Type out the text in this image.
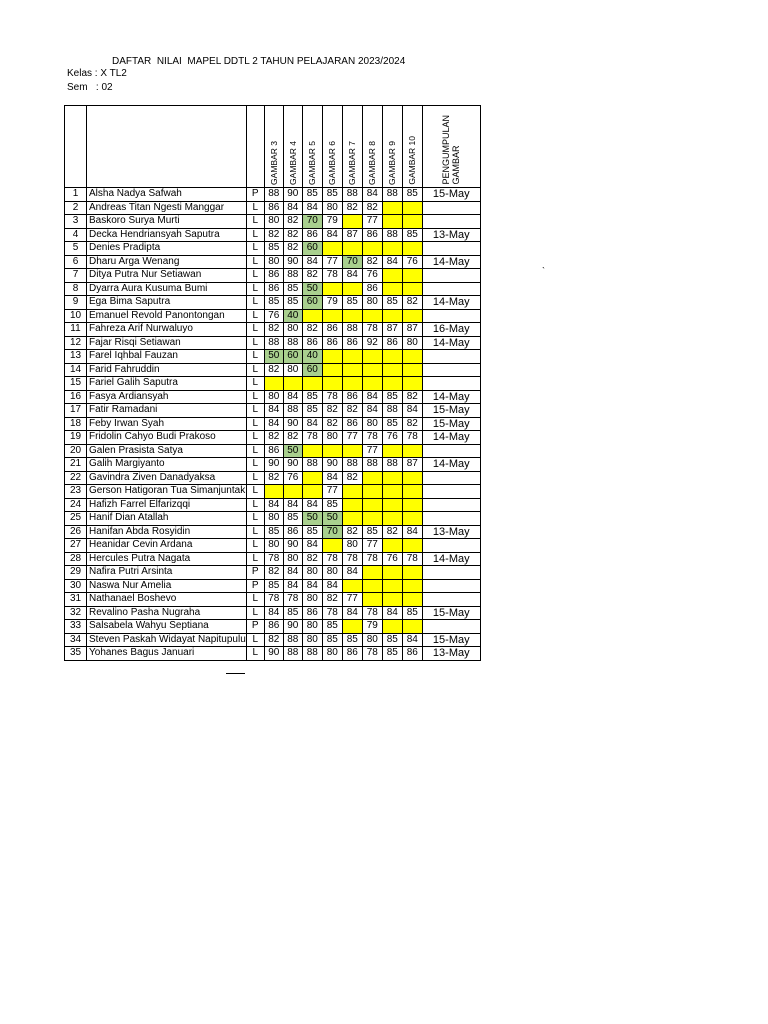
DAFTAR  NILAI  MAPEL DDTL 2 TAHUN PELAJARAN 2023/2024
Kelas : X TL2
Sem   : 02
`

			GAMBAR 3	GAMBAR 4	GAMBAR 5	GAMBAR 6	GAMBAR 7	GAMBAR 8	GAMBAR 9	GAMBAR 10	PENGUMPULAN
GAMBAR

1	Alsha Nadya Safwah	P	88	90	85	85	88	84	88	85	15-May
2	Andreas Titan Ngesti Manggar	L	86	84	84	80	82	82			
3	Baskoro Surya Murti	L	80	82	70	79		77			
4	Decka Hendriansyah Saputra	L	82	82	86	84	87	86	88	85	13-May
5	Denies Pradipta	L	85	82	60						
6	Dharu Arga Wenang	L	80	90	84	77	70	82	84	76	14-May
7	Ditya Putra Nur Setiawan	L	86	88	82	78	84	76			
8	Dyarra Aura Kusuma Bumi	L	86	85	50			86			
9	Ega Bima Saputra	L	85	85	60	79	85	80	85	82	14-May
10	Emanuel Revold Panontongan	L	76	40							
11	Fahreza Arif Nurwaluyo	L	82	80	82	86	88	78	87	87	16-May
12	Fajar Risqi Setiawan	L	88	88	86	86	86	92	86	80	14-May
13	Farel Iqhbal Fauzan	L	50	60	40						
14	Farid Fahruddin	L	82	80	60						
15	Fariel Galih Saputra	L									
16	Fasya Ardiansyah	L	80	84	85	78	86	84	85	82	14-May
17	Fatir Ramadani	L	84	88	85	82	82	84	88	84	15-May
18	Feby Irwan Syah	L	84	90	84	82	86	80	85	82	15-May
19	Fridolin Cahyo Budi Prakoso	L	82	82	78	80	77	78	76	78	14-May
20	Galen Prasista Satya	L	86	50				77			
21	Galih Margiyanto	L	90	90	88	90	88	88	88	87	14-May
22	Gavindra Ziven Danadyaksa	L	82	76		84	82				
23	Gerson Hatigoran Tua Simanjuntak	L				77					
24	Hafizh Farrel Elfarizqqi	L	84	84	84	85					
25	Hanif Dian Atallah	L	80	85	50	50					
26	Hanifan Abda Rosyidin	L	85	86	85	70	82	85	82	84	13-May
27	Heanidar Cevin Ardana	L	80	90	84		80	77			
28	Hercules Putra Nagata	L	78	80	82	78	78	78	76	78	14-May
29	Nafira Putri Arsinta	P	82	84	80	80	84				
30	Naswa Nur Amelia	P	85	84	84	84					
31	Nathanael Boshevo	L	78	78	80	82	77				
32	Revalino Pasha Nugraha	L	84	85	86	78	84	78	84	85	15-May
33	Salsabela Wahyu Septiana	P	86	90	80	85		79			
34	Steven Paskah Widayat Napitupulu	L	82	88	80	85	85	80	85	84	15-May
35	Yohanes Bagus Januari	L	90	88	88	80	86	78	85	86	13-May
